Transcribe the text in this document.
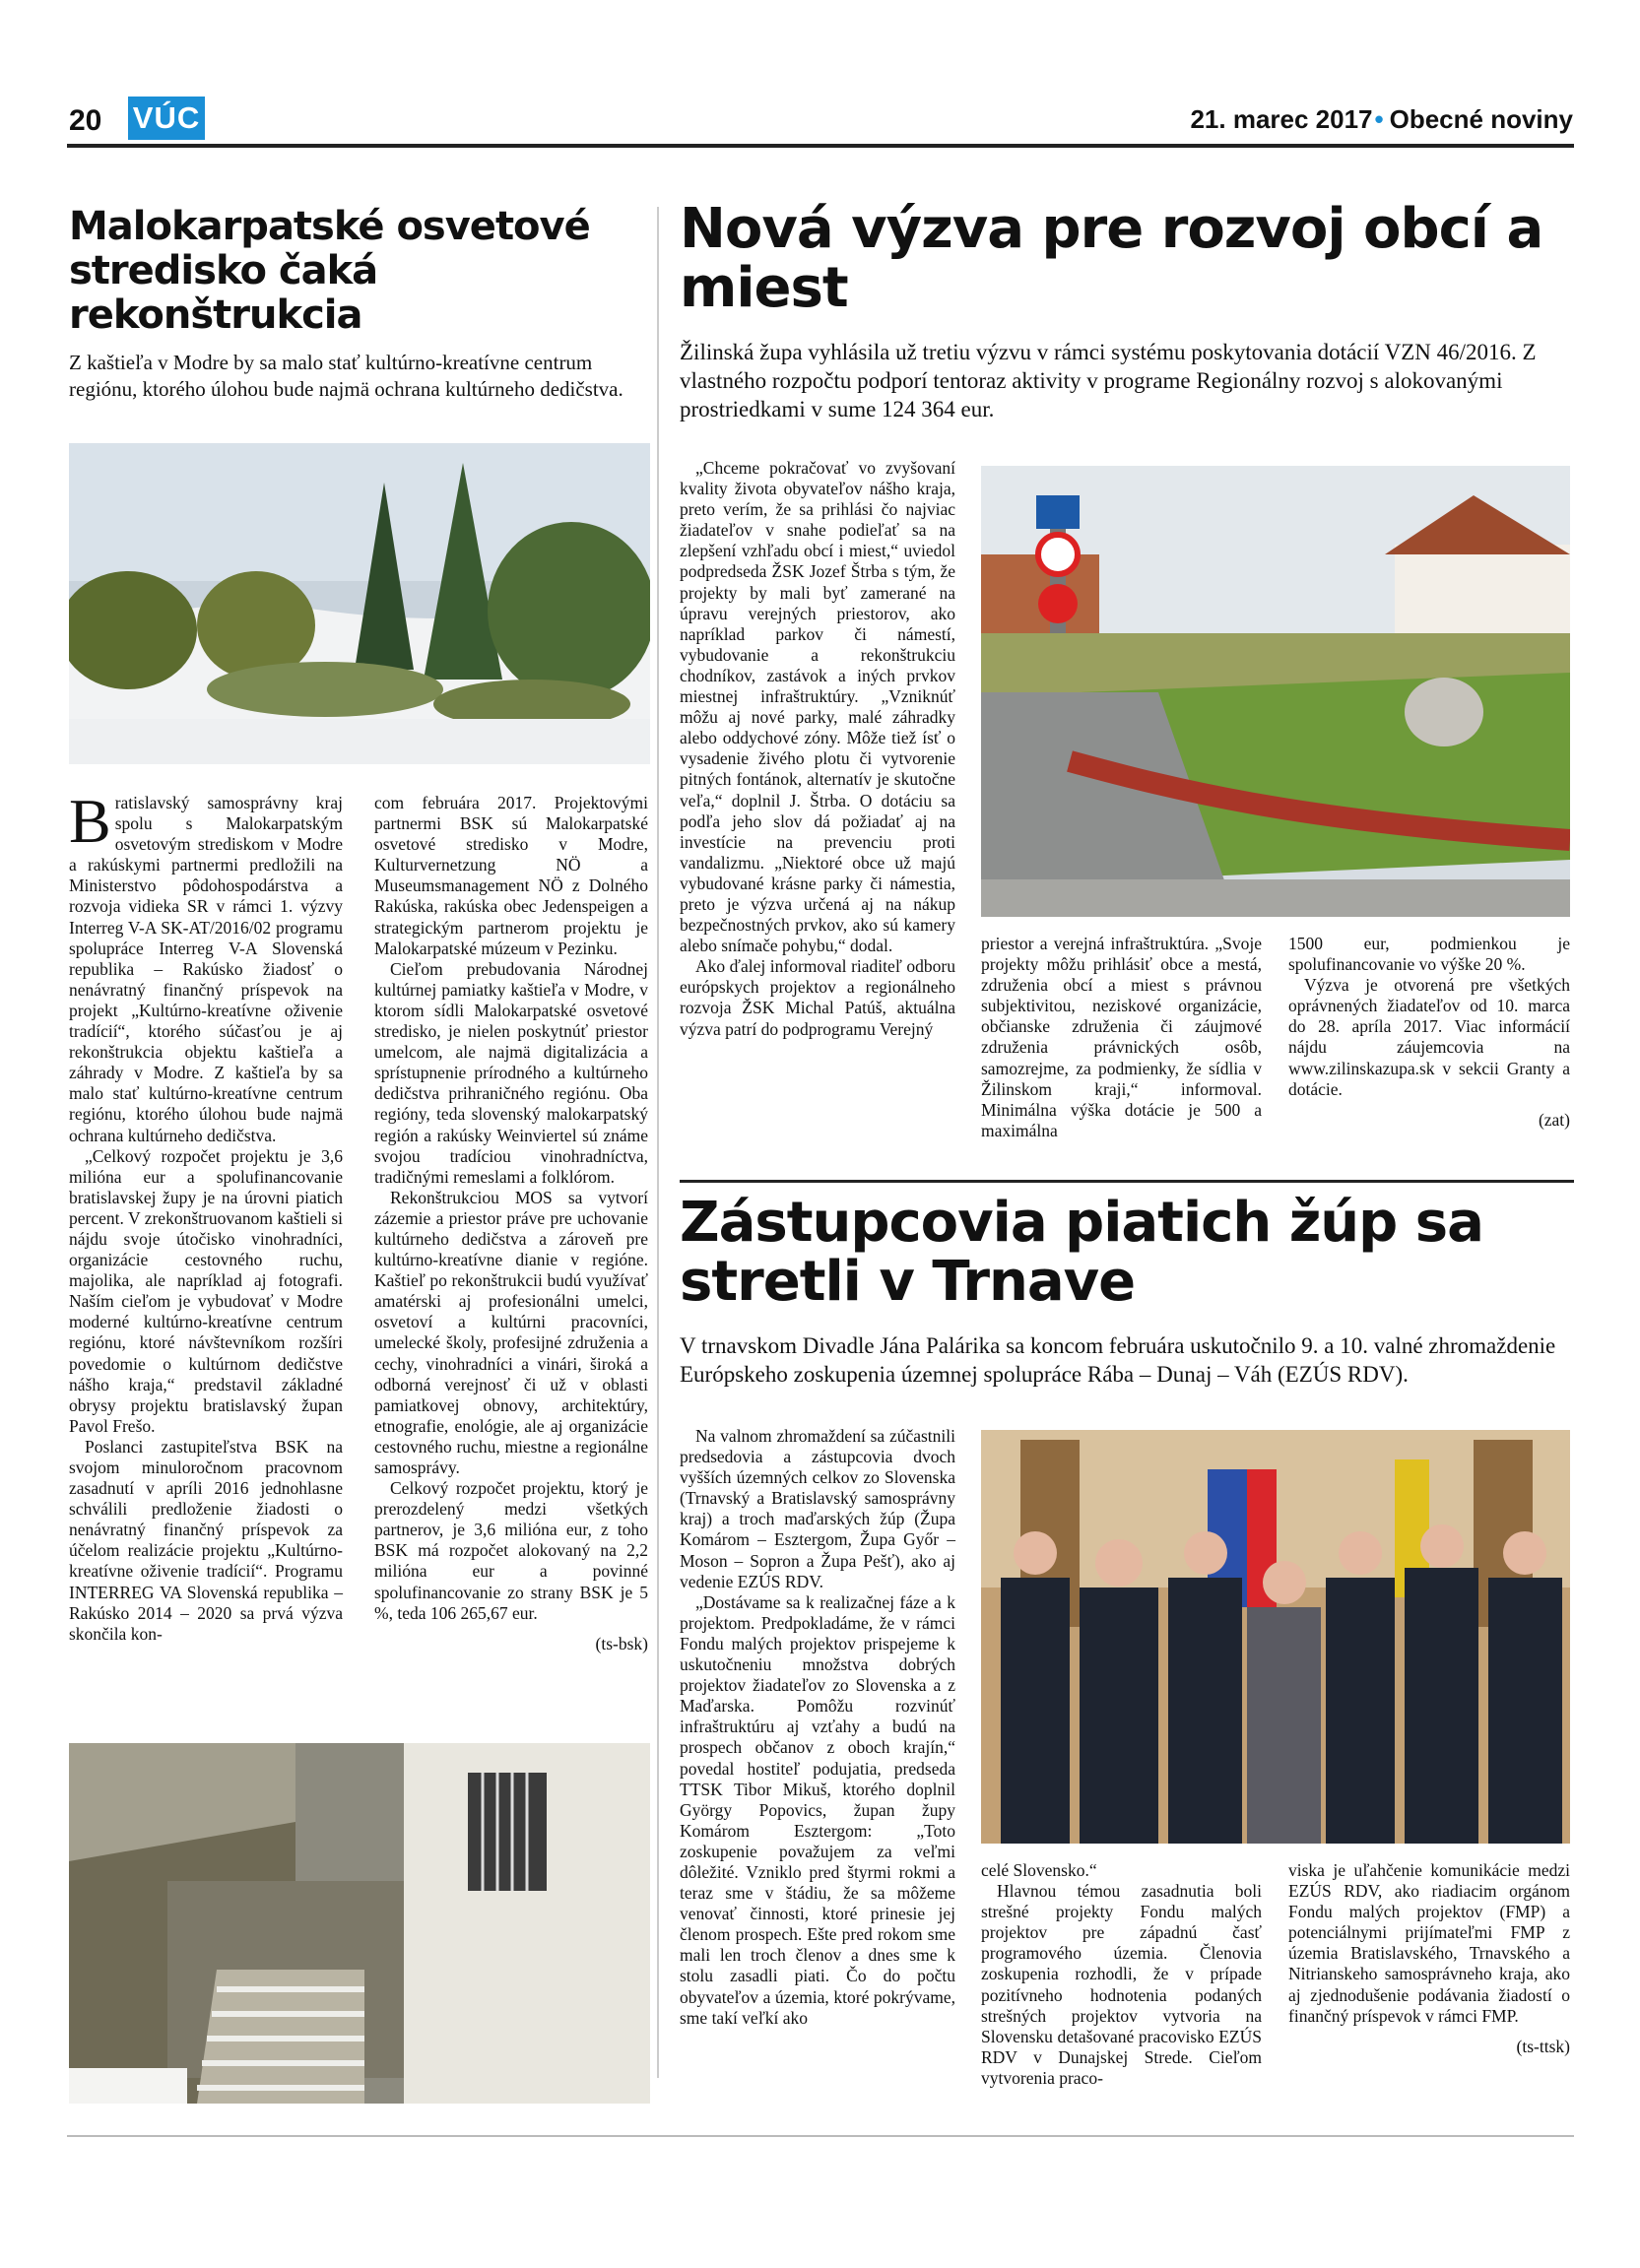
20 VÚC	21. marec 2017• Obecné noviny
Malokarpatské osvetové stredisko čaká rekonštrukcia
Z kaštieľa v Modre by sa malo stať kultúrno-kreatívne centrum regiónu, ktorého úlohou bude najmä ochrana kultúrneho dedičstva.

Bratislavský samosprávny kraj spolu s Malokarpatským osvetovým strediskom v Modre a rakúskymi partnermi predložili na Ministerstvo pôdohospodárstva a rozvoja vidieka SR v rámci 1. výzvy Interreg V-A SK-AT/2016/02 programu spolupráce Interreg V-A Slovenská republika – Rakúsko žiadosť o nenávratný finančný príspevok na projekt „Kultúrno-kreatívne oživenie tradícií“, ktorého súčasťou je aj rekonštrukcia objektu kaštieľa a záhrady v Modre. Z kaštieľa by sa malo stať kultúrno-kreatívne centrum regiónu, ktorého úlohou bude najmä ochrana kultúrneho dedičstva.

„Celkový rozpočet projektu je 3,6 milióna eur a spolufinancovanie bratislavskej župy je na úrovni piatich percent. V zrekonštruovanom kaštieli si nájdu svoje útočisko vinohradníci, organizácie cestovného ruchu, majolika, ale napríklad aj fotografi. Naším cieľom je vybudovať v Modre moderné kultúrno-kreatívne centrum regiónu, ktoré návštevníkom rozšíri povedomie o kultúrnom dedičstve nášho kraja,“ predstavil základné obrysy projektu bratislavský župan Pavol Frešo.

Poslanci zastupiteľstva BSK na svojom minuloročnom pracovnom zasadnutí v apríli 2016 jednohlasne schválili predloženie žiadosti o nenávratný finančný príspevok za účelom realizácie projektu „Kultúrno-kreatívne oživenie tradícií“. Programu INTERREG VA Slovenská republika – Rakúsko 2014 – 2020 sa prvá výzva skončila kon-

com februára 2017. Projektovými partnermi BSK sú Malokarpatské osvetové stredisko v Modre, Kulturvernetzung NÖ a Museumsmanagement NÖ z Dolného Rakúska, rakúska obec Jedenspeigen a strategickým partnerom projektu je Malokarpatské múzeum v Pezinku.

Cieľom prebudovania Národnej kultúrnej pamiatky kaštieľa v Modre, v ktorom sídli Malokarpatské osvetové stredisko, je nielen poskytnúť priestor umelcom, ale najmä digitalizácia a sprístupnenie prírodného a kultúrneho dedičstva prihraničného regiónu. Oba regióny, teda slovenský malokarpatský región a rakúsky Weinviertel sú známe svojou tradíciou vinohradníctva, tradičnými remeslami a folklórom.

Rekonštrukciou MOS sa vytvorí zázemie a priestor práve pre uchovanie kultúrneho dedičstva a zároveň pre kultúrno-kreatívne dianie v regióne. Kaštieľ po rekonštrukcii budú využívať amatérski aj profesionálni umelci, osvetoví a kultúrni pracovníci, umelecké školy, profesijné združenia a cechy, vinohradníci a vinári, široká a odborná verejnosť či už v oblasti pamiatkovej obnovy, architektúry, etnografie, enológie, ale aj organizácie cestovného ruchu, miestne a regionálne samosprávy.

Celkový rozpočet projektu, ktorý je prerozdelený medzi všetkých partnerov, je 3,6 milióna eur, z toho BSK má rozpočet alokovaný na 2,2 milióna eur a povinné spolufinancovanie zo strany BSK je 5 %, teda 106 265,67 eur.

(ts-bsk)

Nová výzva pre rozvoj obcí a miest
Žilinská župa vyhlásila už tretiu výzvu v rámci systému poskytovania dotácií VZN 46/2016. Z vlastného rozpočtu podporí tentoraz aktivity v programe Regionálny rozvoj s alokovanými prostriedkami v sume 124 364 eur.

„Chceme pokračovať vo zvyšovaní kvality života obyvateľov nášho kraja, preto verím, že sa prihlási čo najviac žiadateľov v snahe podieľať sa na zlepšení vzhľadu obcí i miest,“ uviedol podpredseda ŽSK Jozef Štrba s tým, že projekty by mali byť zamerané na úpravu verejných priestorov, ako napríklad parkov či námestí, vybudovanie a rekonštrukciu chodníkov, zastávok a iných prvkov miestnej infraštruktúry. „Vzniknúť môžu aj nové parky, malé záhradky alebo oddychové zóny. Môže tiež ísť o vysadenie živého plotu či vytvorenie pitných fontánok, alternatív je skutočne veľa,“ doplnil J. Štrba. O dotáciu sa podľa jeho slov dá požiadať aj na investície na prevenciu proti vandalizmu. „Niektoré obce už majú vybudované krásne parky či námestia, preto je výzva určená aj na nákup bezpečnostných prvkov, ako sú kamery alebo snímače pohybu,“ dodal.

Ako ďalej informoval riaditeľ odboru európskych projektov a regionálneho rozvoja ŽSK Michal Patúš, aktuálna výzva patrí do podprogramu Verejný

priestor a verejná infraštruktúra. „Svoje projekty môžu prihlásiť obce a mestá, združenia obcí a miest s právnou subjektivitou, neziskové organizácie, občianske združenia či záujmové združenia právnických osôb, samozrejme, za podmienky, že sídlia v Žilinskom kraji,“ informoval. Minimálna výška dotácie je 500 a maximálna

1500 eur, podmienkou je spolufinancovanie vo výške 20 %.

Výzva je otvorená pre všetkých oprávnených žiadateľov od 10. marca do 28. apríla 2017. Viac informácií nájdu záujemcovia na www.zilinskazupa.sk v sekcii Granty a dotácie.

(zat)

Zástupcovia piatich žúp sa stretli v Trnave
V trnavskom Divadle Jána Palárika sa koncom februára uskutočnilo 9. a 10. valné zhromaždenie Európskeho zoskupenia územnej spolupráce Rába – Dunaj – Váh (EZÚS RDV).

Na valnom zhromaždení sa zúčastnili predsedovia a zástupcovia dvoch vyšších územných celkov zo Slovenska (Trnavský a Bratislavský samosprávny kraj) a troch maďarských žúp (Župa Komárom – Esztergom, Župa Győr – Moson – Sopron a Župa Pešť), ako aj vedenie EZÚS RDV.

„Dostávame sa k realizačnej fáze a k projektom. Predpokladáme, že v rámci Fondu malých projektov prispejeme k uskutočneniu množstva dobrých projektov žiadateľov zo Slovenska a z Maďarska. Pomôžu rozvinúť infraštruktúru aj vzťahy a budú na prospech občanov z oboch krajín,“ povedal hostiteľ podujatia, predseda TTSK Tibor Mikuš, ktorého doplnil György Popovics, župan župy Komárom Esztergom: „Toto zoskupenie považujem za veľmi dôležité. Vzniklo pred štyrmi rokmi a teraz sme v štádiu, že sa môžeme venovať činnosti, ktoré prinesie jej členom prospech. Ešte pred rokom sme mali len troch členov a dnes sme k stolu zasadli piati. Čo do počtu obyvateľov a územia, ktoré pokrývame, sme takí veľkí ako

celé Slovensko.“

Hlavnou témou zasadnutia boli strešné projekty Fondu malých projektov pre západnú časť programového územia. Členovia zoskupenia rozhodli, že v prípade pozitívneho hodnotenia podaných strešných projektov vytvoria na Slovensku detašované pracovisko EZÚS RDV v Dunajskej Strede. Cieľom vytvorenia praco-

viska je uľahčenie komunikácie medzi EZÚS RDV, ako riadiacim orgánom Fondu malých projektov (FMP) a potenciálnymi prijímateľmi FMP z územia Bratislavského, Trnavského a Nitrianskeho samosprávneho kraja, ako aj zjednodušenie podávania žiadostí o finančný príspevok v rámci FMP.

(ts-ttsk)
